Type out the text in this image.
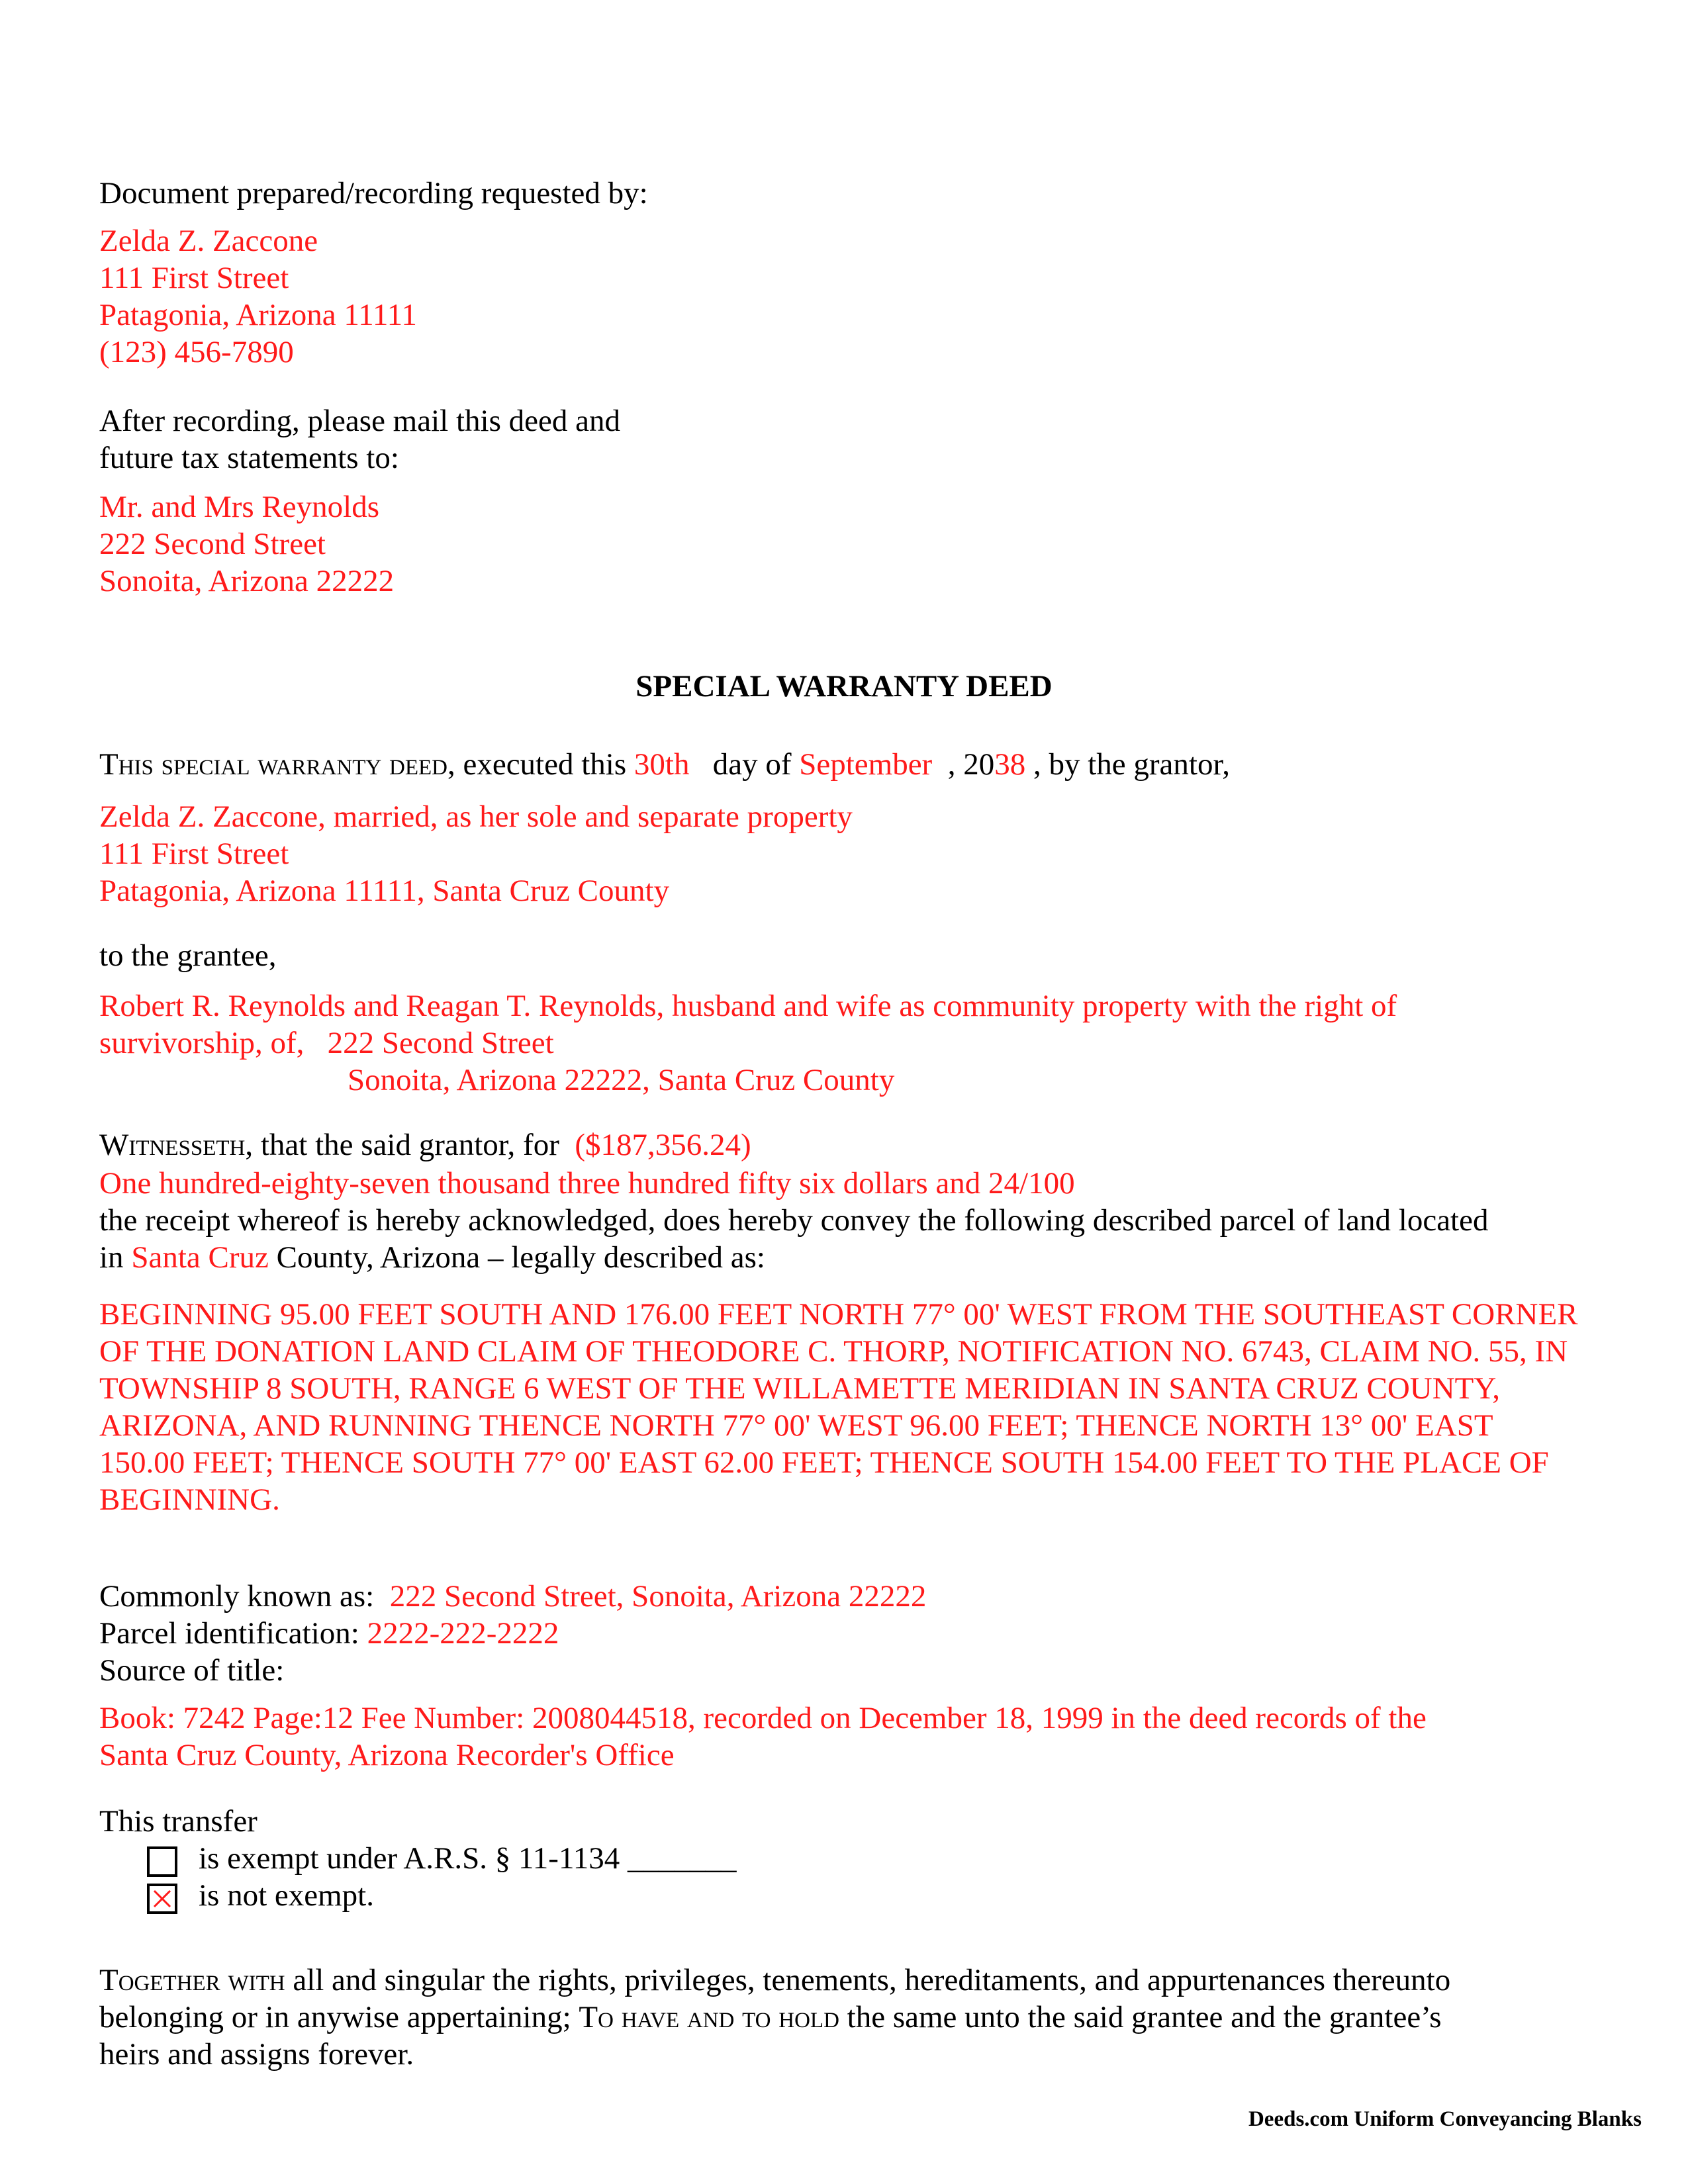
Document prepared/recording requested by:
Zelda Z. Zaccone
111 First Street
Patagonia, Arizona 11111
(123) 456-7890
After recording, please mail this deed and
future tax statements to:
Mr. and Mrs Reynolds
222 Second Street
Sonoita, Arizona 22222
SPECIAL WARRANTY DEED
This special warranty deed, executed this 30th day of September , 2038 , by the grantor,
Zelda Z. Zaccone, married, as her sole and separate property
111 First Street
Patagonia, Arizona 11111, Santa Cruz County
to the grantee,
Robert R. Reynolds and Reagan T. Reynolds, husband and wife as community property with the right of
survivorship, of, 222 Second Street
Sonoita, Arizona 22222, Santa Cruz County
Witnesseth, that the said grantor, for ($187,356.24)
One hundred-eighty-seven thousand three hundred fifty six dollars and 24/100
the receipt whereof is hereby acknowledged, does hereby convey the following described parcel of land located
in Santa Cruz County, Arizona – legally described as:
BEGINNING 95.00 FEET SOUTH AND 176.00 FEET NORTH 77° 00' WEST FROM THE SOUTHEAST CORNER OF THE DONATION LAND CLAIM OF THEODORE C. THORP, NOTIFICATION NO. 6743, CLAIM NO. 55, IN TOWNSHIP 8 SOUTH, RANGE 6 WEST OF THE WILLAMETTE MERIDIAN IN SANTA CRUZ COUNTY, ARIZONA, AND RUNNING THENCE NORTH 77° 00' WEST 96.00 FEET; THENCE NORTH 13° 00' EAST 150.00 FEET; THENCE SOUTH 77° 00' EAST 62.00 FEET; THENCE SOUTH 154.00 FEET TO THE PLACE OF BEGINNING.
Commonly known as: 222 Second Street, Sonoita, Arizona 22222
Parcel identification: 2222-222-2222
Source of title:
Book: 7242 Page:12 Fee Number: 2008044518, recorded on December 18, 1999 in the deed records of the
Santa Cruz County, Arizona Recorder's Office
This transfer
is exempt under A.R.S. § 11-1134 _______
is not exempt.
Together with all and singular the rights, privileges, tenements, hereditaments, and appurtenances thereunto
belonging or in anywise appertaining; To have and to hold the same unto the said grantee and the grantee’s
heirs and assigns forever.
Deeds.com Uniform Conveyancing Blanks
